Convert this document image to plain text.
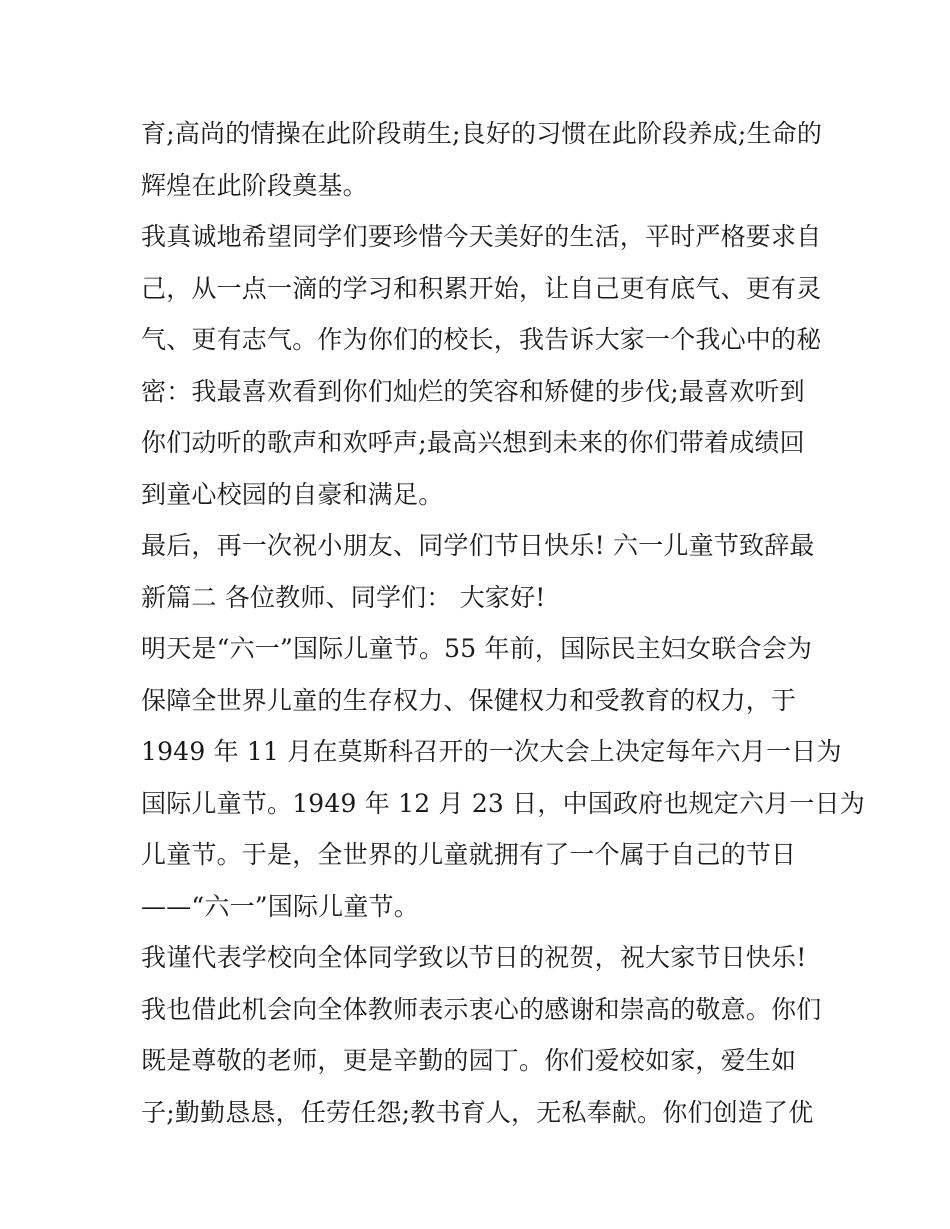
育;高尚的情操在此阶段萌生;良好的习惯在此阶段养成;生命的
辉煌在此阶段奠基。
我真诚地希望同学们要珍惜今天美好的生活，平时严格要求自
己，从一点一滴的学习和积累开始，让自己更有底气、更有灵
气、更有志气。作为你们的校长，我告诉大家一个我心中的秘
密：我最喜欢看到你们灿烂的笑容和矫健的步伐;最喜欢听到
你们动听的歌声和欢呼声;最高兴想到未来的你们带着成绩回
到童心校园的自豪和满足。
最后，再一次祝小朋友、同学们节日快乐! 六一儿童节致辞最
新篇二 各位教师、同学们： 大家好!
明天是“六一”国际儿童节。55 年前，国际民主妇女联合会为
保障全世界儿童的生存权力、保健权力和受教育的权力，于
1949 年 11 月在莫斯科召开的一次大会上决定每年六月一日为
国际儿童节。1949 年 12 月 23 日，中国政府也规定六月一日为
儿童节。于是，全世界的儿童就拥有了一个属于自己的节日
——“六一”国际儿童节。
我谨代表学校向全体同学致以节日的祝贺，祝大家节日快乐!
我也借此机会向全体教师表示衷心的感谢和崇高的敬意。你们
既是尊敬的老师，更是辛勤的园丁。你们爱校如家，爱生如
子;勤勤恳恳，任劳任怨;教书育人，无私奉献。你们创造了优
